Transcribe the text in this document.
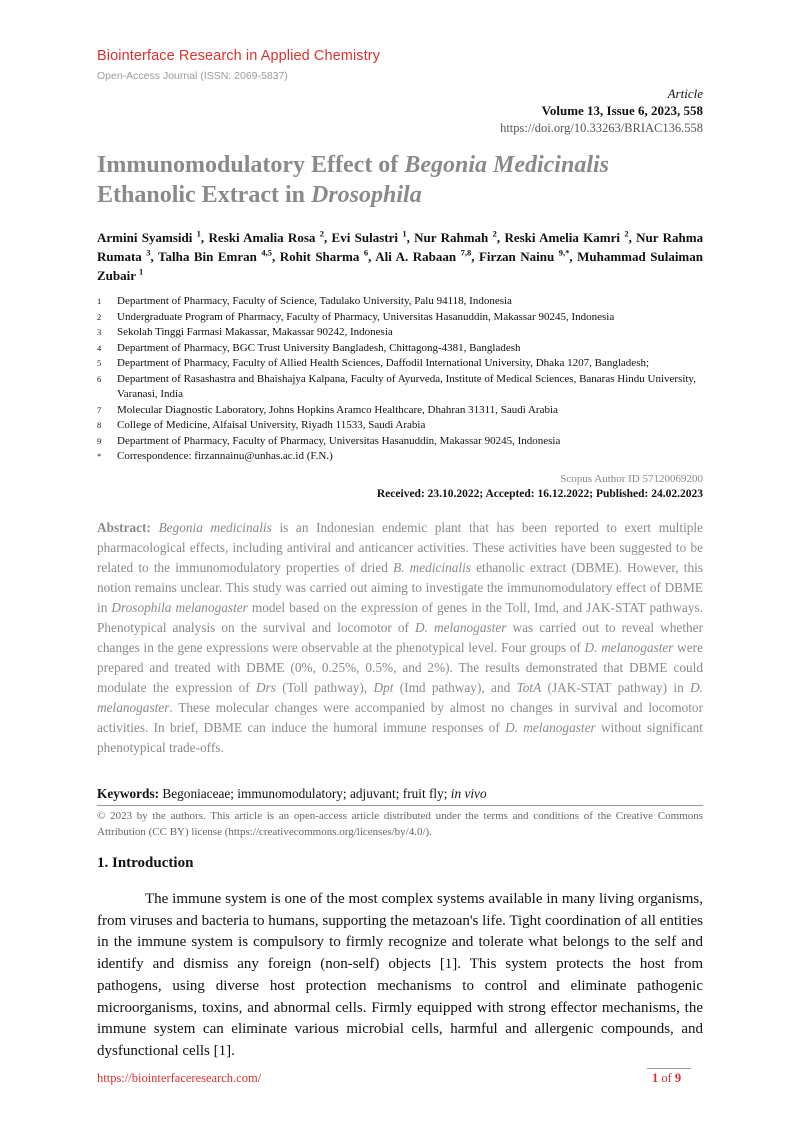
Biointerface Research in Applied Chemistry
Open-Access Journal (ISSN: 2069-5837)
Article
Volume 13, Issue 6, 2023, 558
https://doi.org/10.33263/BRIAC136.558
Immunomodulatory Effect of Begonia Medicinalis
Ethanolic Extract in Drosophila
Armini Syamsidi $^1$, Reski Amalia Rosa $^2$, Evi Sulastri $^1$, Nur Rahmah $^2$, Reski Amelia Kamri $^2$, Nur Rahma Rumata $^3$, Talha Bin Emran $^{4,5}$, Rohit Sharma $^6$, Ali A. Rabaan $^{7,8}$, Firzan Nainu $^{9,*}$, Muhammad Sulaiman Zubair $^1$
1	Department of Pharmacy, Faculty of Science, Tadulako University, Palu 94118, Indonesia
2	Undergraduate Program of Pharmacy, Faculty of Pharmacy, Universitas Hasanuddin, Makassar 90245, Indonesia
3	Sekolah Tinggi Farmasi Makassar, Makassar 90242, Indonesia
4	Department of Pharmacy, BGC Trust University Bangladesh, Chittagong-4381, Bangladesh
5	Department of Pharmacy, Faculty of Allied Health Sciences, Daffodil International University, Dhaka 1207, Bangladesh;
6	Department of Rasashastra and Bhaishajya Kalpana, Faculty of Ayurveda, Institute of Medical Sciences, Banaras Hindu University, Varanasi, India
7	Molecular Diagnostic Laboratory, Johns Hopkins Aramco Healthcare, Dhahran 31311, Saudi Arabia
8	College of Medicine, Alfaisal University, Riyadh 11533, Saudi Arabia
9	Department of Pharmacy, Faculty of Pharmacy, Universitas Hasanuddin, Makassar 90245, Indonesia
*	Correspondence: firzannainu@unhas.ac.id (F.N.)
Scopus Author ID 57120069200
Received: 23.10.2022; Accepted: 16.12.2022; Published: 24.02.2023
Abstract: Begonia medicinalis is an Indonesian endemic plant that has been reported to exert multiple pharmacological effects, including antiviral and anticancer activities. These activities have been suggested to be related to the immunomodulatory properties of dried B. medicinalis ethanolic extract (DBME). However, this notion remains unclear. This study was carried out aiming to investigate the immunomodulatory effect of DBME in Drosophila melanogaster model based on the expression of genes in the Toll, Imd, and JAK-STAT pathways. Phenotypical analysis on the survival and locomotor of D. melanogaster was carried out to reveal whether changes in the gene expressions were observable at the phenotypical level. Four groups of D. melanogaster were prepared and treated with DBME (0%, 0.25%, 0.5%, and 2%). The results demonstrated that DBME could modulate the expression of Drs (Toll pathway), Dpt (Imd pathway), and TotA (JAK-STAT pathway) in D. melanogaster. These molecular changes were accompanied by almost no changes in survival and locomotor activities. In brief, DBME can induce the humoral immune responses of D. melanogaster without significant phenotypical trade-offs.
Keywords: Begoniaceae; immunomodulatory; adjuvant; fruit fly; in vivo
© 2023 by the authors. This article is an open-access article distributed under the terms and conditions of the Creative Commons Attribution (CC BY) license (https://creativecommons.org/licenses/by/4.0/).
1. Introduction
The immune system is one of the most complex systems available in many living organisms, from viruses and bacteria to humans, supporting the metazoan's life. Tight coordination of all entities in the immune system is compulsory to firmly recognize and tolerate what belongs to the self and identify and dismiss any foreign (non-self) objects [1]. This system protects the host from pathogens, using diverse host protection mechanisms to control and eliminate pathogenic microorganisms, toxins, and abnormal cells. Firmly equipped with strong effector mechanisms, the immune system can eliminate various microbial cells, harmful and allergenic compounds, and dysfunctional cells [1].
https://biointerfaceresearch.com/	1 of 9
